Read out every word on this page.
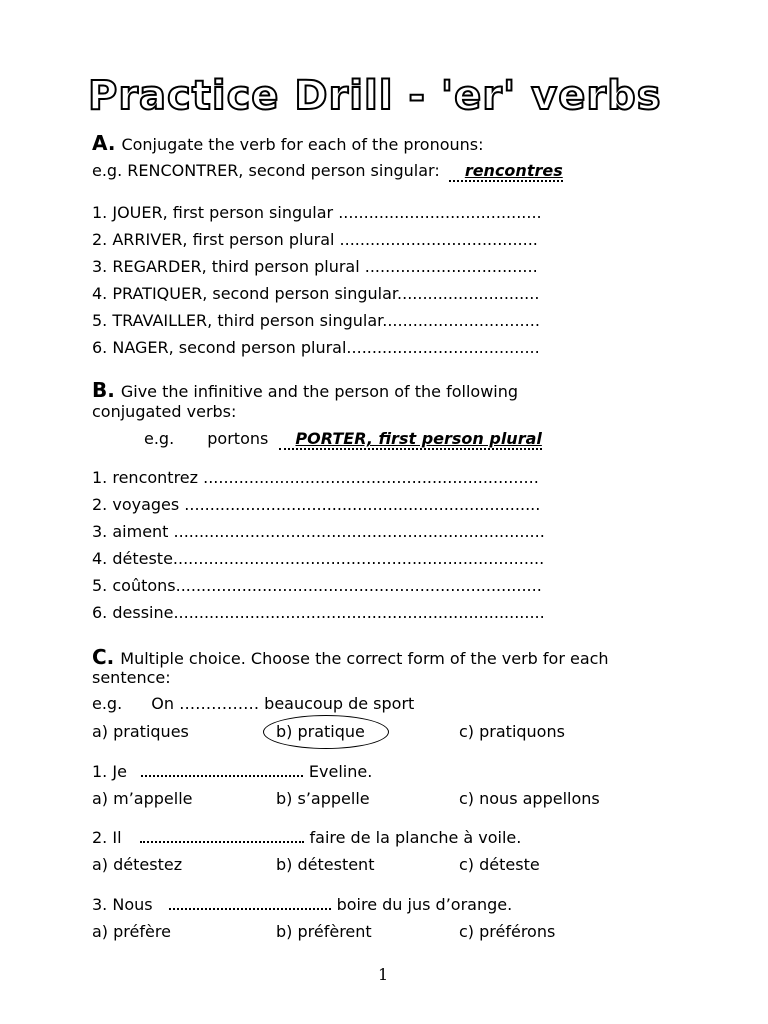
Practice Drill - 'er' verbs
A. Conjugate the verb for each of the pronouns:
e.g. RENCONTRER, second person singular: rencontres
1. JOUER, first person singular ........................................
2. ARRIVER, first person plural .......................................
3. REGARDER, third person plural ..................................
4. PRATIQUER, second person singular............................
5. TRAVAILLER, third person singular...............................
6. NAGER, second person plural......................................
B. Give the infinitive and the person of the following
conjugated verbs:
e.g. portons PORTER, first person plural
1. rencontrez ..................................................................
2. voyages ......................................................................
3. aiment .........................................................................
4. déteste.........................................................................
5. coûtons........................................................................
6. dessine.........................................................................
C. Multiple choice. Choose the correct form of the verb for each
sentence:
e.g. On …………… beaucoup de sport
a) pratiques	b) pratique	c) pratiquons
1. Je	Eveline.
a) m’appelle	b) s’appelle	c) nous appellons
2. Il	faire de la planche à voile.
a) détestez	b) détestent	c) déteste
3. Nous	boire du jus d’orange.
a) préfère	b) préfèrent	c) préférons
1
